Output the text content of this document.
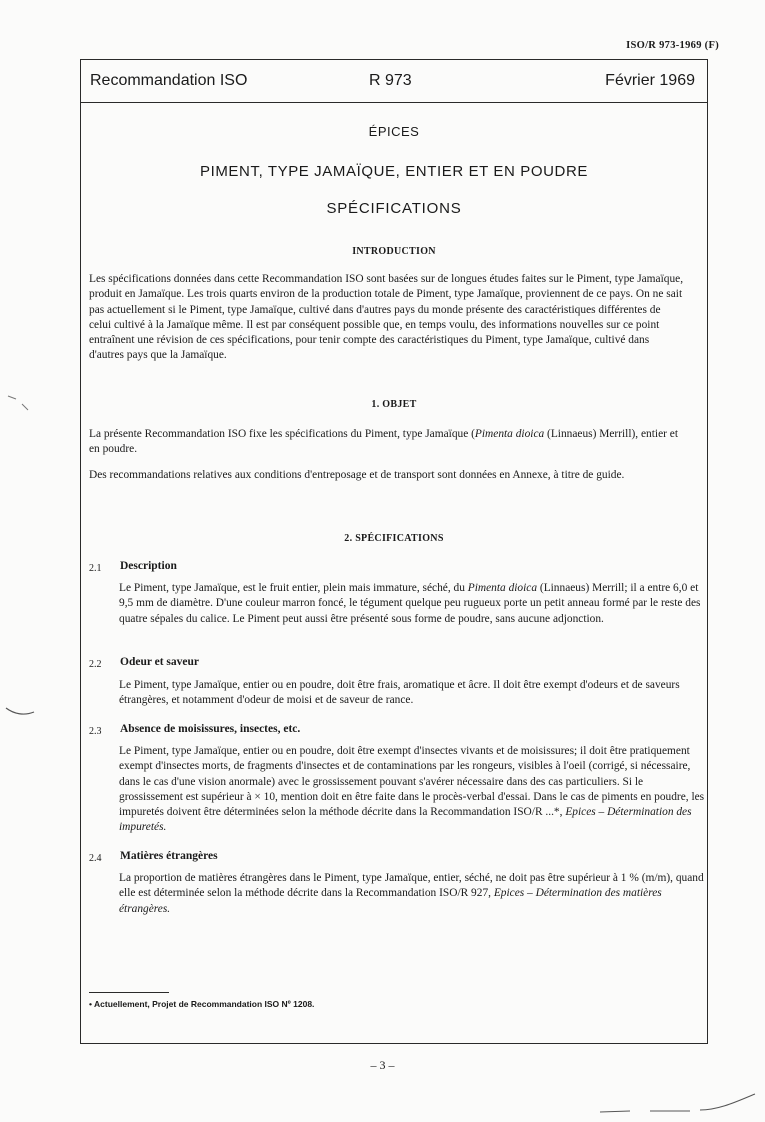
ISO/R 973-1969 (F)
Recommandation ISO	R 973	Février 1969
ÉPICES
PIMENT, TYPE JAMAÏQUE, ENTIER ET EN POUDRE
SPÉCIFICATIONS
INTRODUCTION

Les spécifications données dans cette Recommandation ISO sont basées sur de longues études faites sur le Piment, type Jamaïque, produit en Jamaïque. Les trois quarts environ de la production totale de Piment, type Jamaïque, proviennent de ce pays. On ne sait pas actuellement si le Piment, type Jamaïque, cultivé dans d'autres pays du monde présente des caractéristiques différentes de celui cultivé à la Jamaïque même. Il est par conséquent possible que, en temps voulu, des informations nouvelles sur ce point entraînent une révision de ces spécifications, pour tenir compte des caractéristiques du Piment, type Jamaïque, cultivé dans d'autres pays que la Jamaïque.

1. OBJET

La présente Recommandation ISO fixe les spécifications du Piment, type Jamaïque (Pimenta dioica (Linnaeus) Merrill), entier et en poudre.

Des recommandations relatives aux conditions d'entreposage et de transport sont données en Annexe, à titre de guide.

2. SPÉCIFICATIONS
2.1 Description

Le Piment, type Jamaïque, est le fruit entier, plein mais immature, séché, du Pimenta dioica (Linnaeus) Merrill; il a entre 6,0 et 9,5 mm de diamètre. D'une couleur marron foncé, le tégument quelque peu rugueux porte un petit anneau formé par le reste des quatre sépales du calice. Le Piment peut aussi être présenté sous forme de poudre, sans aucune adjonction.

2.2 Odeur et saveur

Le Piment, type Jamaïque, entier ou en poudre, doit être frais, aromatique et âcre. Il doit être exempt d'odeurs et de saveurs étrangères, et notamment d'odeur de moisi et de saveur de rance.

2.3 Absence de moisissures, insectes, etc.

Le Piment, type Jamaïque, entier ou en poudre, doit être exempt d'insectes vivants et de moisissures; il doit être pratiquement exempt d'insectes morts, de fragments d'insectes et de contaminations par les rongeurs, visibles à l'oeil (corrigé, si nécessaire, dans le cas d'une vision anormale) avec le grossissement pouvant s'avérer nécessaire dans des cas particuliers. Si le grossissement est supérieur à × 10, mention doit en être faite dans le procès-verbal d'essai. Dans le cas de piments en poudre, les impuretés doivent être déterminées selon la méthode décrite dans la Recommandation ISO/R ...*, Epices – Détermination des impuretés.

2.4 Matières étrangères

La proportion de matières étrangères dans le Piment, type Jamaïque, entier, séché, ne doit pas être supérieur à 1 % (m/m), quand elle est déterminée selon la méthode décrite dans la Recommandation ISO/R 927, Epices – Détermination des matières étrangères.

• Actuellement, Projet de Recommandation ISO Nº 1208.
– 3 –
